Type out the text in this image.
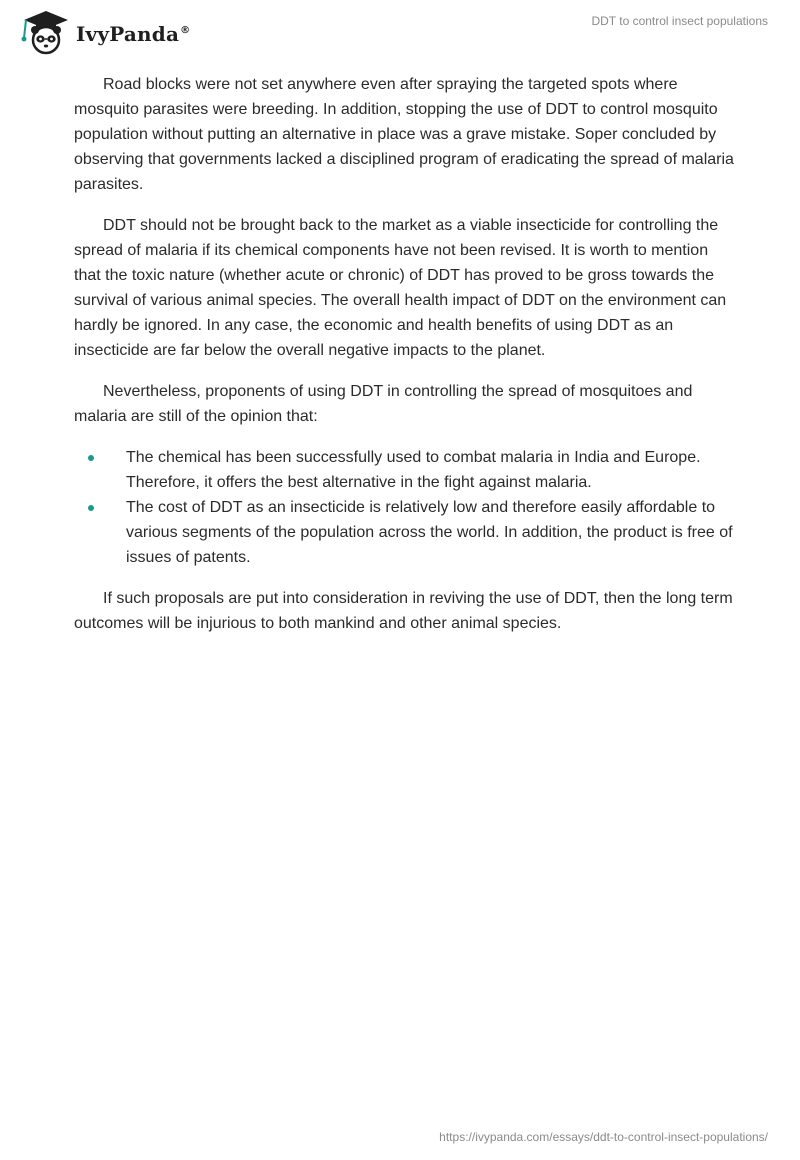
IvyPanda®
DDT to control insect populations

Road blocks were not set anywhere even after spraying the targeted spots where mosquito parasites were breeding. In addition, stopping the use of DDT to control mosquito population without putting an alternative in place was a grave mistake. Soper concluded by observing that governments lacked a disciplined program of eradicating the spread of malaria parasites.

DDT should not be brought back to the market as a viable insecticide for controlling the spread of malaria if its chemical components have not been revised. It is worth to mention that the toxic nature (whether acute or chronic) of DDT has proved to be gross towards the survival of various animal species. The overall health impact of DDT on the environment can hardly be ignored. In any case, the economic and health benefits of using DDT as an insecticide are far below the overall negative impacts to the planet.

Nevertheless, proponents of using DDT in controlling the spread of mosquitoes and malaria are still of the opinion that:

The chemical has been successfully used to combat malaria in India and Europe. Therefore, it offers the best alternative in the fight against malaria.
The cost of DDT as an insecticide is relatively low and therefore easily affordable to various segments of the population across the world. In addition, the product is free of issues of patents.

If such proposals are put into consideration in reviving the use of DDT, then the long term outcomes will be injurious to both mankind and other animal species.

https://ivypanda.com/essays/ddt-to-control-insect-populations/
